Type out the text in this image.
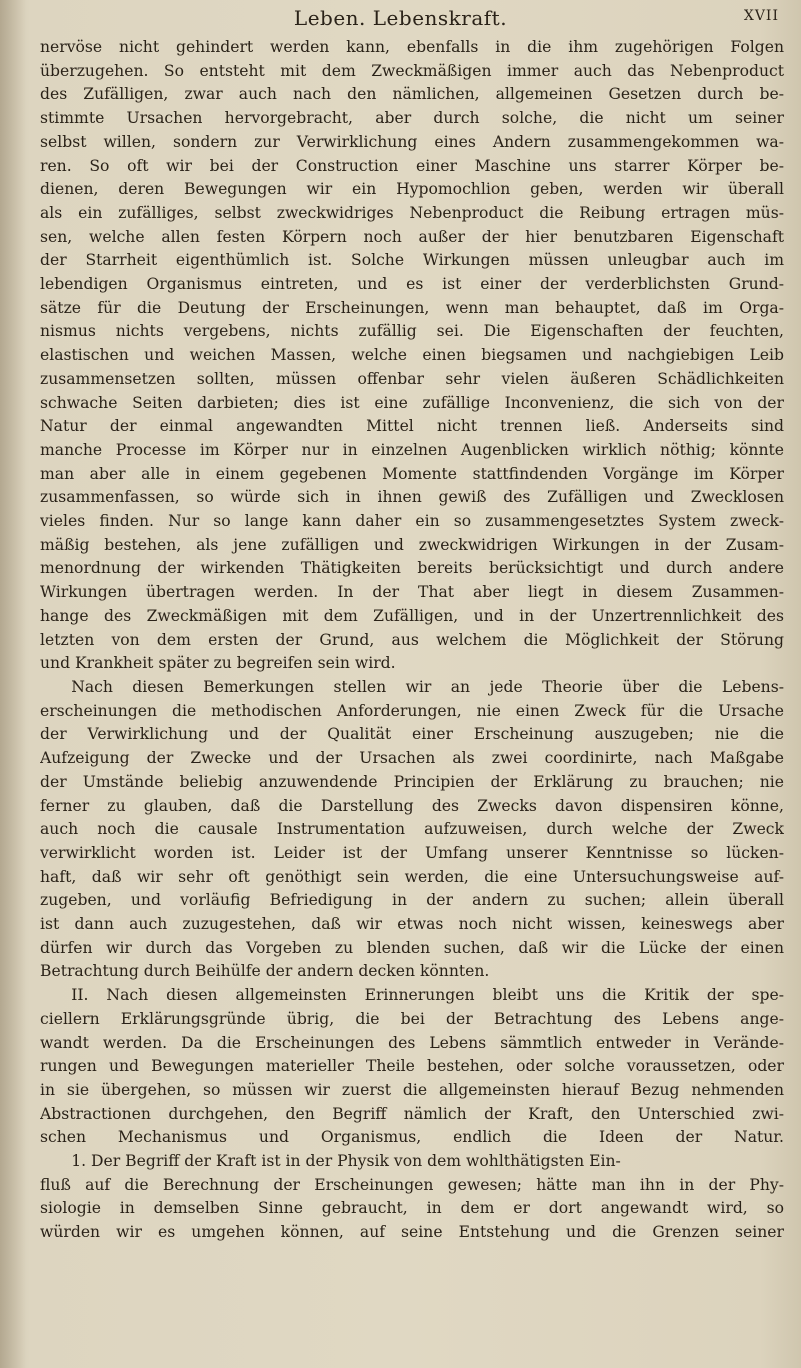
Leben. Lebenskraft.	XVII
nervöse nicht gehindert werden kann, ebenfalls in die ihm zugehörigen Folgen
überzugehen. So entsteht mit dem Zweckmäßigen immer auch das Nebenproduct
des Zufälligen, zwar auch nach den nämlichen, allgemeinen Gesetzen durch be-
stimmte Ursachen hervorgebracht, aber durch solche, die nicht um seiner
selbst willen, sondern zur Verwirklichung eines Andern zusammengekommen wa-
ren. So oft wir bei der Construction einer Maschine uns starrer Körper be-
dienen, deren Bewegungen wir ein Hypomochlion geben, werden wir überall
als ein zufälliges, selbst zweckwidriges Nebenproduct die Reibung ertragen müs-
sen, welche allen festen Körpern noch außer der hier benutzbaren Eigenschaft
der Starrheit eigenthümlich ist. Solche Wirkungen müssen unleugbar auch im
lebendigen Organismus eintreten, und es ist einer der verderblichsten Grund-
sätze für die Deutung der Erscheinungen, wenn man behauptet, daß im Orga-
nismus nichts vergebens, nichts zufällig sei. Die Eigenschaften der feuchten,
elastischen und weichen Massen, welche einen biegsamen und nachgiebigen Leib
zusammensetzen sollten, müssen offenbar sehr vielen äußeren Schädlichkeiten
schwache Seiten darbieten; dies ist eine zufällige Inconvenienz, die sich von der
Natur der einmal angewandten Mittel nicht trennen ließ. Anderseits sind
manche Processe im Körper nur in einzelnen Augenblicken wirklich nöthig; könnte
man aber alle in einem gegebenen Momente stattfindenden Vorgänge im Körper
zusammenfassen, so würde sich in ihnen gewiß des Zufälligen und Zwecklosen
vieles finden. Nur so lange kann daher ein so zusammengesetztes System zweck-
mäßig bestehen, als jene zufälligen und zweckwidrigen Wirkungen in der Zusam-
menordnung der wirkenden Thätigkeiten bereits berücksichtigt und durch andere
Wirkungen übertragen werden. In der That aber liegt in diesem Zusammen-
hange des Zweckmäßigen mit dem Zufälligen, und in der Unzertrennlichkeit des
letzten von dem ersten der Grund, aus welchem die Möglichkeit der Störung
und Krankheit später zu begreifen sein wird.
Nach diesen Bemerkungen stellen wir an jede Theorie über die Lebens-
erscheinungen die methodischen Anforderungen, nie einen Zweck für die Ursache
der Verwirklichung und der Qualität einer Erscheinung auszugeben; nie die
Aufzeigung der Zwecke und der Ursachen als zwei coordinirte, nach Maßgabe
der Umstände beliebig anzuwendende Principien der Erklärung zu brauchen; nie
ferner zu glauben, daß die Darstellung des Zwecks davon dispensiren könne,
auch noch die causale Instrumentation aufzuweisen, durch welche der Zweck
verwirklicht worden ist. Leider ist der Umfang unserer Kenntnisse so lücken-
haft, daß wir sehr oft genöthigt sein werden, die eine Untersuchungsweise auf-
zugeben, und vorläufig Befriedigung in der andern zu suchen; allein überall
ist dann auch zuzugestehen, daß wir etwas noch nicht wissen, keineswegs aber
dürfen wir durch das Vorgeben zu blenden suchen, daß wir die Lücke der einen
Betrachtung durch Beihülfe der andern decken könnten.
II. Nach diesen allgemeinsten Erinnerungen bleibt uns die Kritik der spe-
ciellern Erklärungsgründe übrig, die bei der Betrachtung des Lebens ange-
wandt werden. Da die Erscheinungen des Lebens sämmtlich entweder in Verände-
rungen und Bewegungen materieller Theile bestehen, oder solche voraussetzen, oder
in sie übergehen, so müssen wir zuerst die allgemeinsten hierauf Bezug nehmenden
Abstractionen durchgehen, den Begriff nämlich der Kraft, den Unterschied zwi-
schen Mechanismus und Organismus, endlich die Ideen der Natur.
1. Der Begriff der Kraft ist in der Physik von dem wohlthätigsten Ein-
fluß auf die Berechnung der Erscheinungen gewesen; hätte man ihn in der Phy-
siologie in demselben Sinne gebraucht, in dem er dort angewandt wird, so
würden wir es umgehen können, auf seine Entstehung und die Grenzen seiner
